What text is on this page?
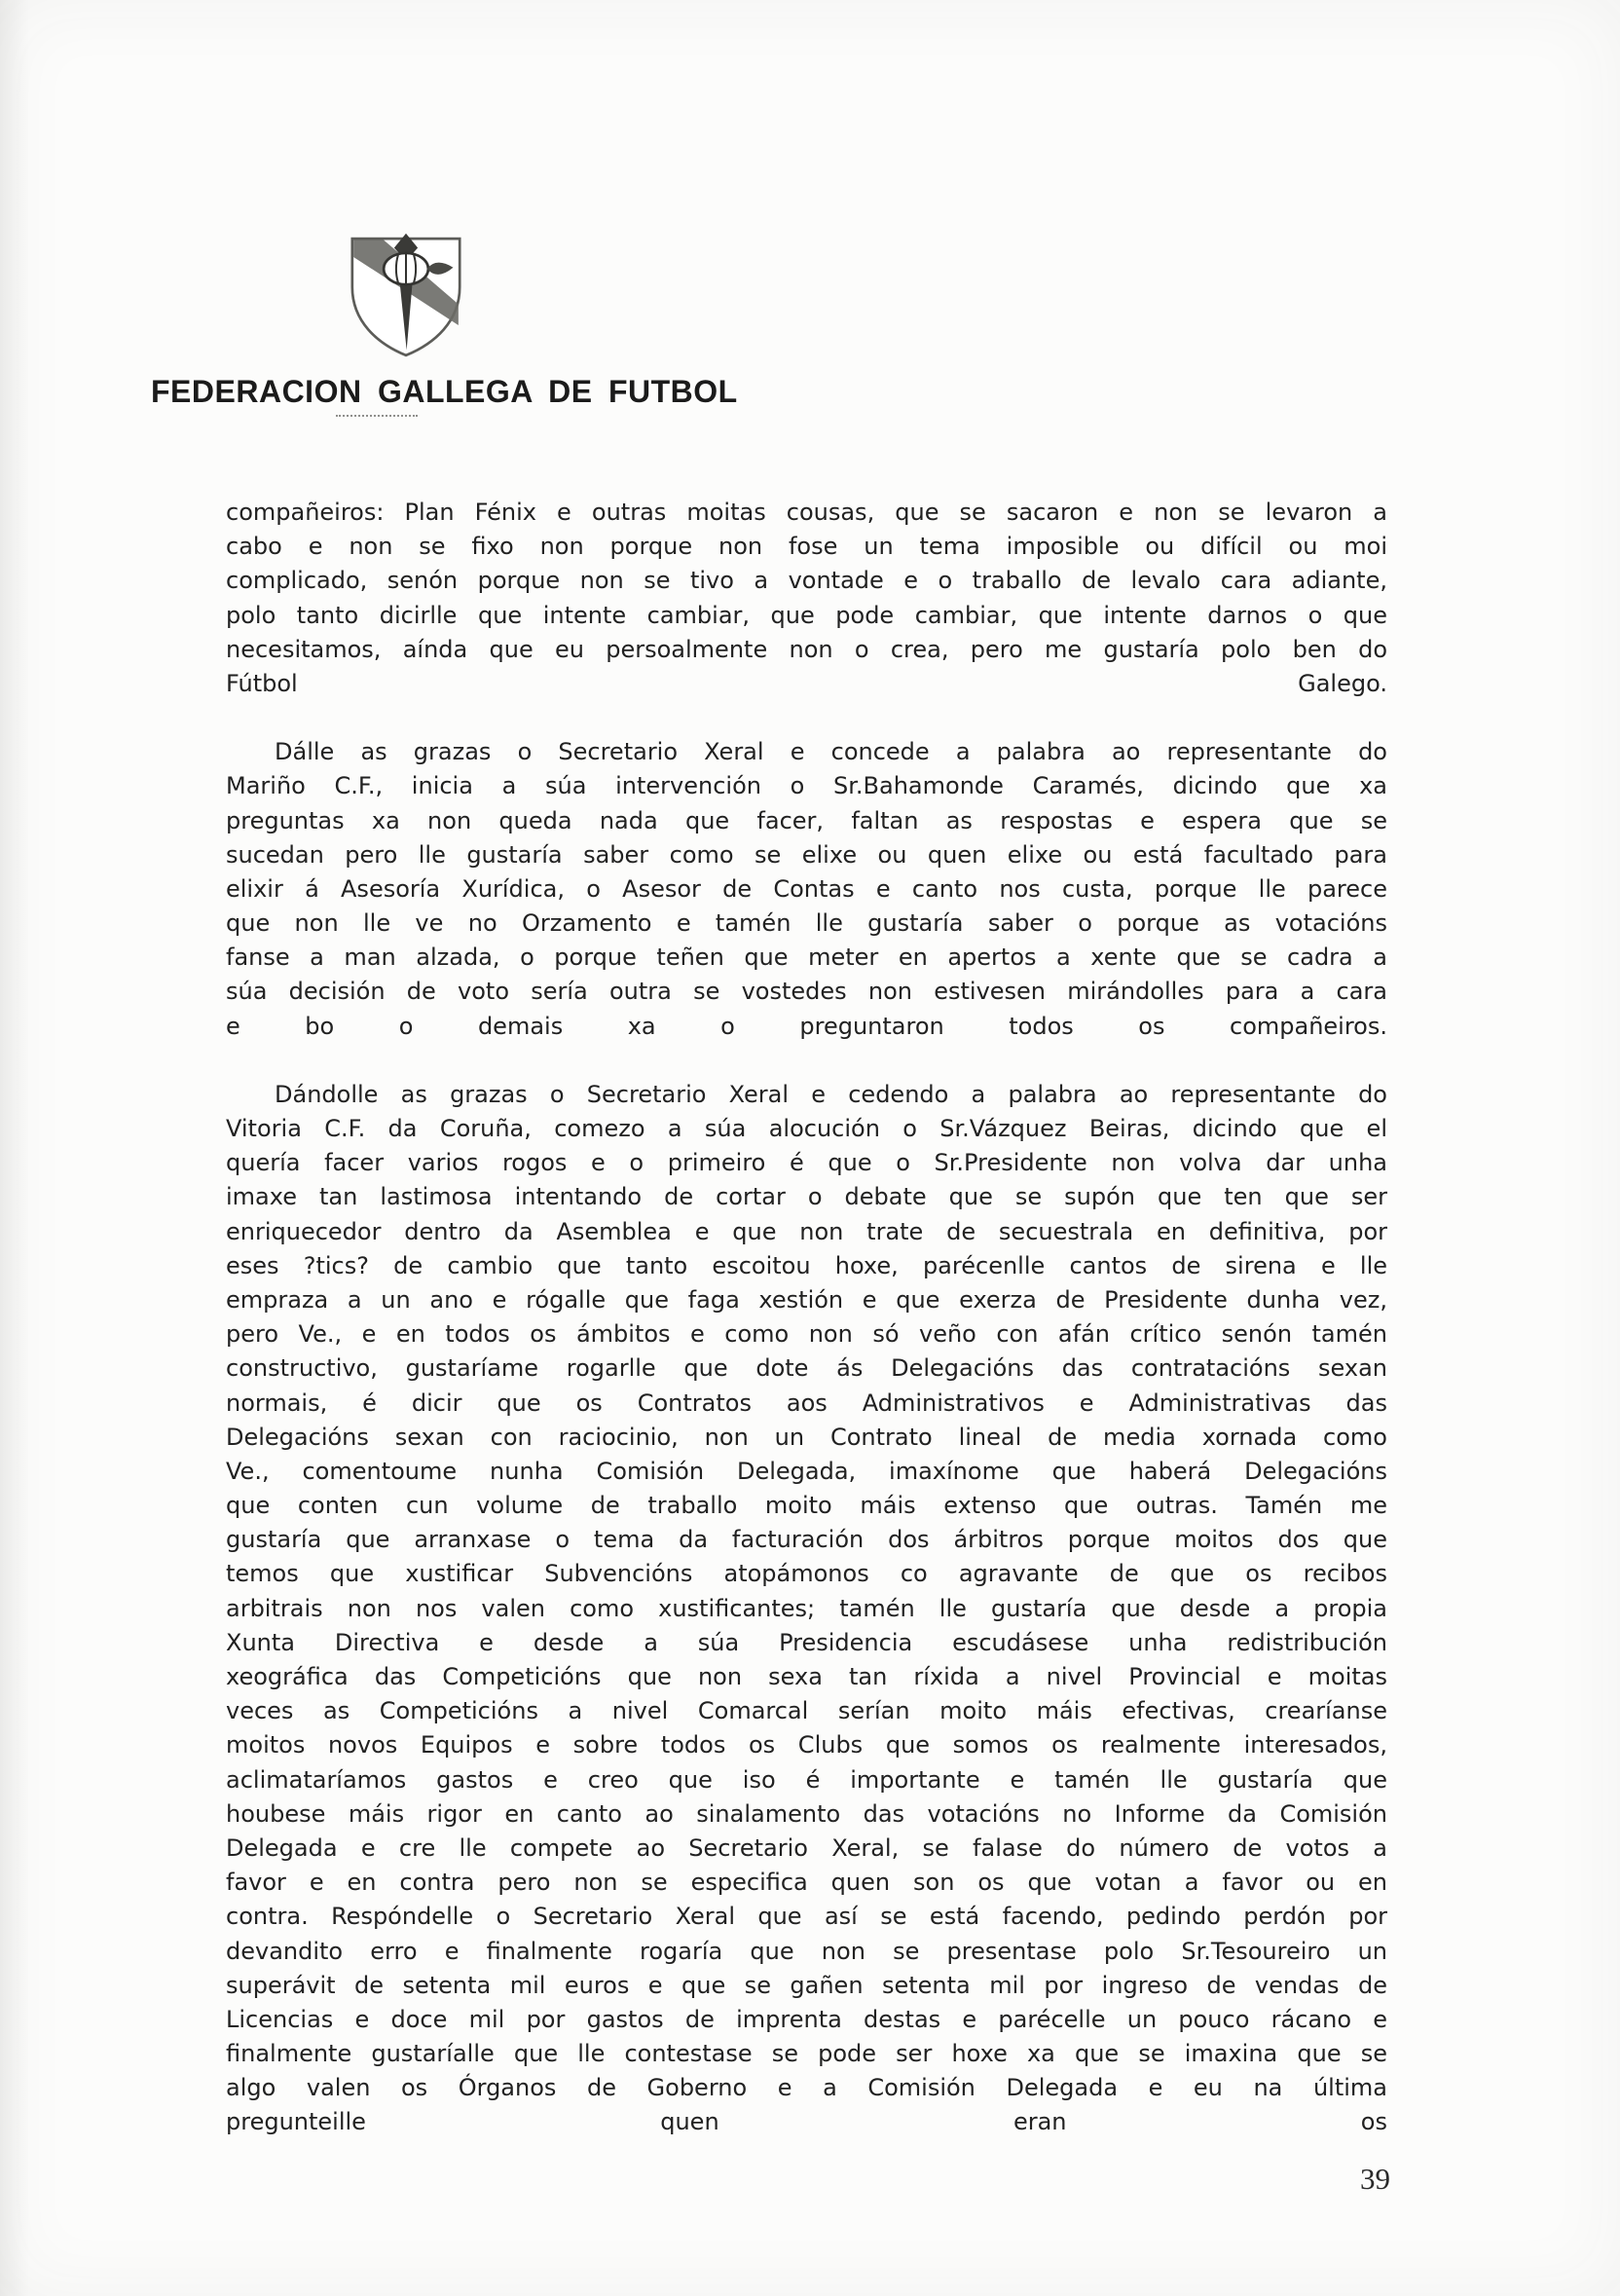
FEDERACION GALLEGA DE FUTBOL
compañeiros: Plan Fénix e outras moitas cousas, que se sacaron e non se levaron a
cabo e non se fixo non porque non fose un tema imposible ou difícil ou moi
complicado, senón porque non se tivo a vontade e o traballo de levalo cara adiante,
polo tanto dicirlle que intente cambiar, que pode cambiar, que intente darnos o que
necesitamos, aínda que eu persoalmente non o crea, pero me gustaría polo ben do
Fútbol Galego.
Dálle as grazas o Secretario Xeral e concede a palabra ao representante do
Mariño C.F., inicia a súa intervención o Sr.Bahamonde Caramés, dicindo que xa
preguntas xa non queda nada que facer, faltan as respostas e espera que se
sucedan pero lle gustaría saber como se elixe ou quen elixe ou está facultado para
elixir á Asesoría Xurídica, o Asesor de Contas e canto nos custa, porque lle parece
que non lle ve no Orzamento e tamén lle gustaría saber o porque as votacións
fanse a man alzada, o porque teñen que meter en apertos a xente que se cadra a
súa decisión de voto sería outra se vostedes non estivesen mirándolles para a cara
e bo o demais xa o preguntaron todos os compañeiros.
Dándolle as grazas o Secretario Xeral e cedendo a palabra ao representante do
Vitoria C.F. da Coruña, comezo a súa alocución o Sr.Vázquez Beiras, dicindo que el
quería facer varios rogos e o primeiro é que o Sr.Presidente non volva dar unha
imaxe tan lastimosa intentando de cortar o debate que se supón que ten que ser
enriquecedor dentro da Asemblea e que non trate de secuestrala en definitiva, por
eses ?tics? de cambio que tanto escoitou hoxe, parécenlle cantos de sirena e lle
empraza a un ano e rógalle que faga xestión e que exerza de Presidente dunha vez,
pero Ve., e en todos os ámbitos e como non só veño con afán crítico senón tamén
constructivo, gustaríame rogarlle que dote ás Delegacións das contratacións sexan
normais, é dicir que os Contratos aos Administrativos e Administrativas das
Delegacións sexan con raciocinio, non un Contrato lineal de media xornada como
Ve., comentoume nunha Comisión Delegada, imaxínome que haberá Delegacións
que conten cun volume de traballo moito máis extenso que outras. Tamén me
gustaría que arranxase o tema da facturación dos árbitros porque moitos dos que
temos que xustificar Subvencións atopámonos co agravante de que os recibos
arbitrais non nos valen como xustificantes; tamén lle gustaría que desde a propia
Xunta Directiva e desde a súa Presidencia escudásese unha redistribución
xeográfica das Competicións que non sexa tan ríxida a nivel Provincial e moitas
veces as Competicións a nivel Comarcal serían moito máis efectivas, crearíanse
moitos novos Equipos e sobre todos os Clubs que somos os realmente interesados,
aclimataríamos gastos e creo que iso é importante e tamén lle gustaría que
houbese máis rigor en canto ao sinalamento das votacións no Informe da Comisión
Delegada e cre lle compete ao Secretario Xeral, se falase do número de votos a
favor e en contra pero non se especifica quen son os que votan a favor ou en
contra. Respóndelle o Secretario Xeral que así se está facendo, pedindo perdón por
devandito erro e finalmente rogaría que non se presentase polo Sr.Tesoureiro un
superávit de setenta mil euros e que se gañen setenta mil por ingreso de vendas de
Licencias e doce mil por gastos de imprenta destas e parécelle un pouco rácano e
finalmente gustaríalle que lle contestase se pode ser hoxe xa que se imaxina que se
algo valen os Órganos de Goberno e a Comisión Delegada e eu na última
pregunteille quen eran os
39
